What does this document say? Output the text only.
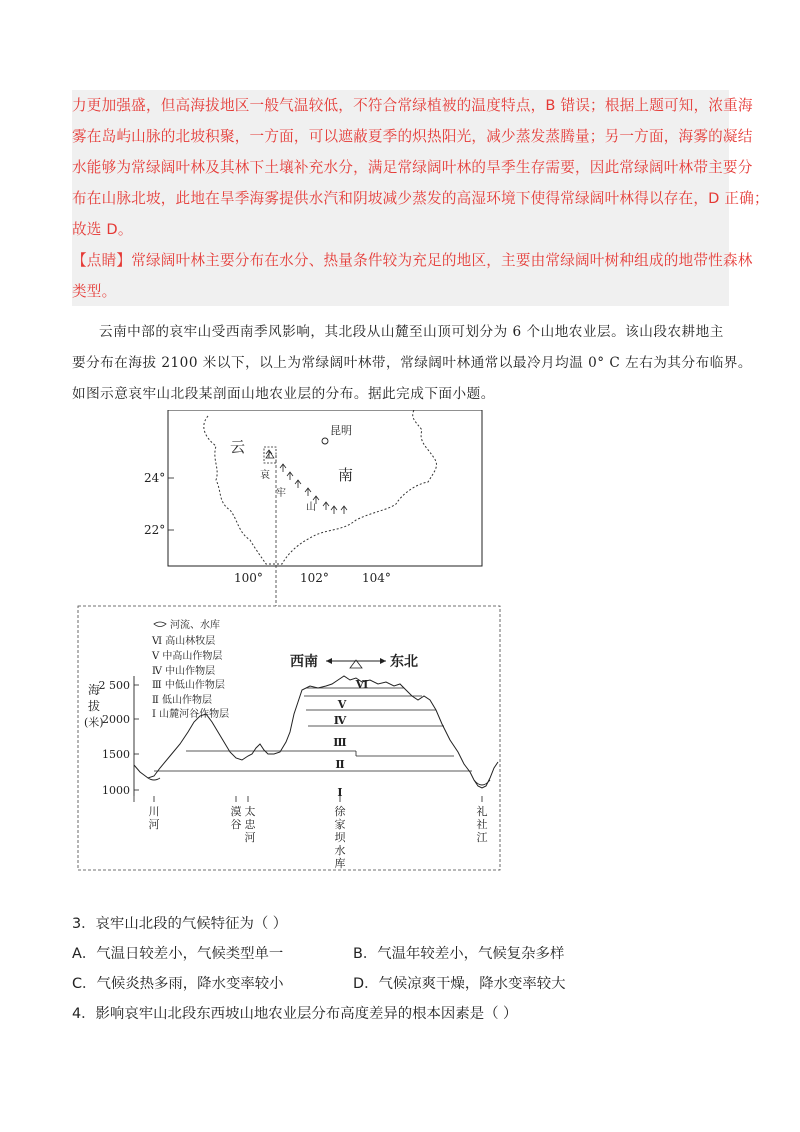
力更加强盛，但高海拔地区一般气温较低，不符合常绿植被的温度特点，B 错误；根据上题可知，浓重海
雾在岛屿山脉的北坡积聚，一方面，可以遮蔽夏季的炽热阳光，减少蒸发蒸腾量；另一方面，海雾的凝结
水能够为常绿阔叶林及其林下土壤补充水分，满足常绿阔叶林的旱季生存需要，因此常绿阔叶林带主要分
布在山脉北坡，此地在旱季海雾提供水汽和阴坡减少蒸发的高湿环境下使得常绿阔叶林得以存在，D 正确；
故选 D。
【点睛】常绿阔叶林主要分布在水分、热量条件较为充足的地区，主要由常绿阔叶树种组成的地带性森林
类型。
云南中部的哀牢山受西南季风影响，其北段从山麓至山顶可划分为 6 个山地农业层。该山段农耕地主
要分布在海拔 2100 米以下，以上为常绿阔叶林带，常绿阔叶林通常以最冷月均温 0° C 左右为其分布临界。
如图示意哀牢山北段某剖面山地农业层的分布。据此完成下面小题。
昆明
云
南
哀
牢
山
24°
22°
100°	102°	104°
河流、水库
Ⅵ 高山林牧层
Ⅴ 中高山作物层
Ⅳ 中山作物层
Ⅲ 中低山作物层
Ⅱ 低山作物层
Ⅰ 山麓河谷作物层
西南	东北
海
拔
(米)
2 500
2000
1500
1000
Ⅵ
Ⅴ
Ⅳ
Ⅲ
Ⅱ
Ⅰ
川
河
漠
谷
太
忠
河
徐
家
坝
水
库
礼
社
江
3．哀牢山北段的气候特征为（ ）
A．气温日较差小，气候类型单一	B．气温年较差小，气候复杂多样
C．气候炎热多雨，降水变率较小	D．气候凉爽干燥，降水变率较大
4．影响哀牢山北段东西坡山地农业层分布高度差异的根本因素是（ ）
